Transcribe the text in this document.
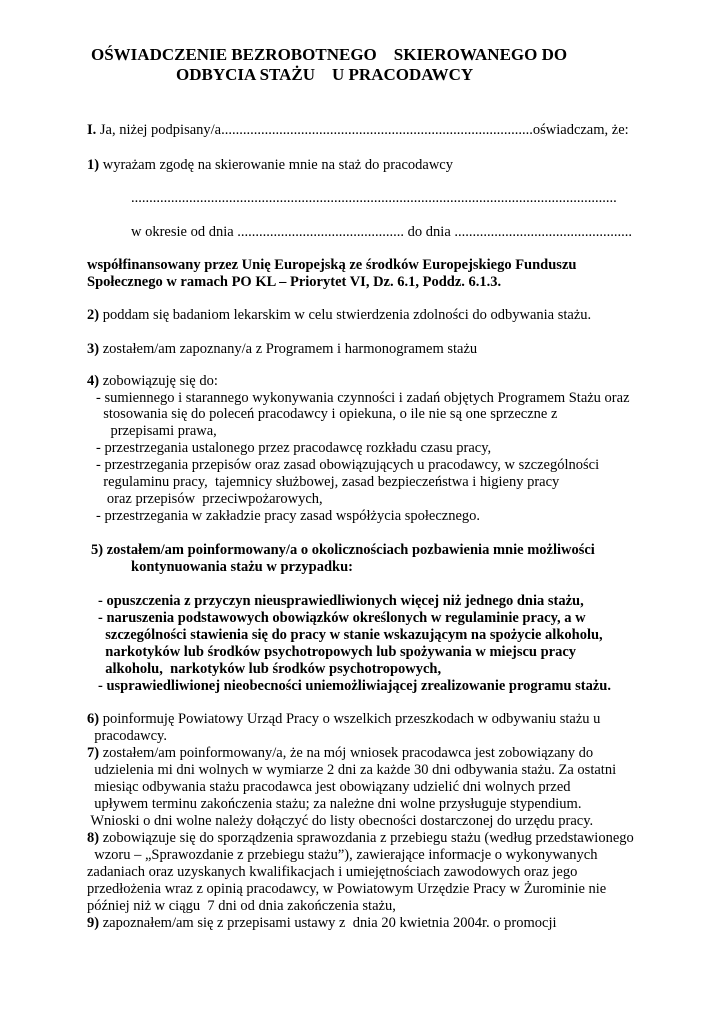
OŚWIADCZENIE BEZROBOTNEGO    SKIEROWANEGO DO
ODBYCIA STAŻU    U PRACODAWCY
I. Ja, niżej podpisany/a......................................................................................oświadczam, że:
1) wyrażam zgodę na skierowanie mnie na staż do pracodawcy
......................................................................................................................................
w okresie od dnia .............................................. do dnia .................................................
współfinansowany przez Unię Europejską ze środków Europejskiego Funduszu
Społecznego w ramach PO KL – Priorytet VI, Dz. 6.1, Poddz. 6.1.3.
2) poddam się badaniom lekarskim w celu stwierdzenia zdolności do odbywania stażu.
3) zostałem/am zapoznany/a z Programem i harmonogramem stażu
4) zobowiązuję się do:
- sumiennego i starannego wykonywania czynności i zadań objętych Programem Stażu oraz
stosowania się do poleceń pracodawcy i opiekuna, o ile nie są one sprzeczne z
przepisami prawa,
- przestrzegania ustalonego przez pracodawcę rozkładu czasu pracy,
- przestrzegania przepisów oraz zasad obowiązujących u pracodawcy, w szczególności
regulaminu pracy,  tajemnicy służbowej, zasad bezpieczeństwa i higieny pracy
oraz przepisów  przeciwpożarowych,
- przestrzegania w zakładzie pracy zasad współżycia społecznego.
5) zostałem/am poinformowany/a o okolicznościach pozbawienia mnie możliwości
kontynuowania stażu w przypadku:
- opuszczenia z przyczyn nieusprawiedliwionych więcej niż jednego dnia stażu,
- naruszenia podstawowych obowiązków określonych w regulaminie pracy, a w
szczególności stawienia się do pracy w stanie wskazującym na spożycie alkoholu,
narkotyków lub środków psychotropowych lub spożywania w miejscu pracy
alkoholu,  narkotyków lub środków psychotropowych,
- usprawiedliwionej nieobecności uniemożliwiającej zrealizowanie programu stażu.
6) poinformuję Powiatowy Urząd Pracy o wszelkich przeszkodach w odbywaniu stażu u
pracodawcy.
7) zostałem/am poinformowany/a, że na mój wniosek pracodawca jest zobowiązany do
udzielenia mi dni wolnych w wymiarze 2 dni za każde 30 dni odbywania stażu. Za ostatni
miesiąc odbywania stażu pracodawca jest obowiązany udzielić dni wolnych przed
upływem terminu zakończenia stażu; za należne dni wolne przysługuje stypendium.
Wnioski o dni wolne należy dołączyć do listy obecności dostarczonej do urzędu pracy.
8) zobowiązuje się do sporządzenia sprawozdania z przebiegu stażu (według przedstawionego
wzoru – „Sprawozdanie z przebiegu stażu”), zawierające informacje o wykonywanych
zadaniach oraz uzyskanych kwalifikacjach i umiejętnościach zawodowych oraz jego
przedłożenia wraz z opinią pracodawcy, w Powiatowym Urzędzie Pracy w Żurominie nie
później niż w ciągu  7 dni od dnia zakończenia stażu,
9) zapoznałem/am się z przepisami ustawy z  dnia 20 kwietnia 2004r. o promocji
